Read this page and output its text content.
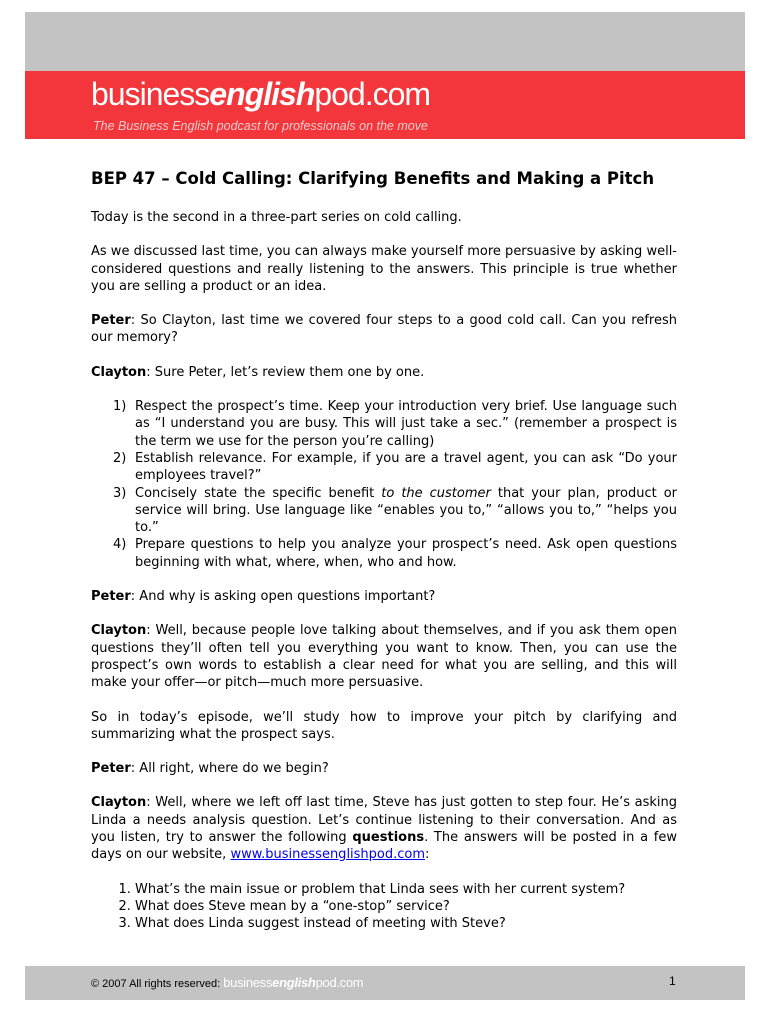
businessenglishpod.com
The Business English podcast for professionals on the move
BEP 47 – Cold Calling: Clarifying Benefits and Making a Pitch

Today is the second in a three-part series on cold calling.

As we discussed last time, you can always make yourself more persuasive by asking well-considered questions and really listening to the answers. This principle is true whether you are selling a product or an idea.

Peter: So Clayton, last time we covered four steps to a good cold call. Can you refresh our memory?

Clayton: Sure Peter, let’s review them one by one.

1) Respect the prospect’s time. Keep your introduction very brief. Use language such as “I understand you are busy. This will just take a sec.” (remember a prospect is the term we use for the person you’re calling)
2) Establish relevance. For example, if you are a travel agent, you can ask “Do your employees travel?”
3) Concisely state the specific benefit to the customer that your plan, product or service will bring. Use language like “enables you to,” “allows you to,” “helps you to.”
4) Prepare questions to help you analyze your prospect’s need. Ask open questions beginning with what, where, when, who and how.

Peter: And why is asking open questions important?

Clayton: Well, because people love talking about themselves, and if you ask them open questions they’ll often tell you everything you want to know. Then, you can use the prospect’s own words to establish a clear need for what you are selling, and this will make your offer—or pitch—much more persuasive.

So in today’s episode, we’ll study how to improve your pitch by clarifying and summarizing what the prospect says.

Peter: All right, where do we begin?

Clayton: Well, where we left off last time, Steve has just gotten to step four. He’s asking Linda a needs analysis question. Let’s continue listening to their conversation. And as you listen, try to answer the following questions. The answers will be posted in a few days on our website, www.businessenglishpod.com:

1. What’s the main issue or problem that Linda sees with her current system?
2. What does Steve mean by a “one-stop” service?
3. What does Linda suggest instead of meeting with Steve?
© 2007 All rights reserved: businessenglishpod.com	1
